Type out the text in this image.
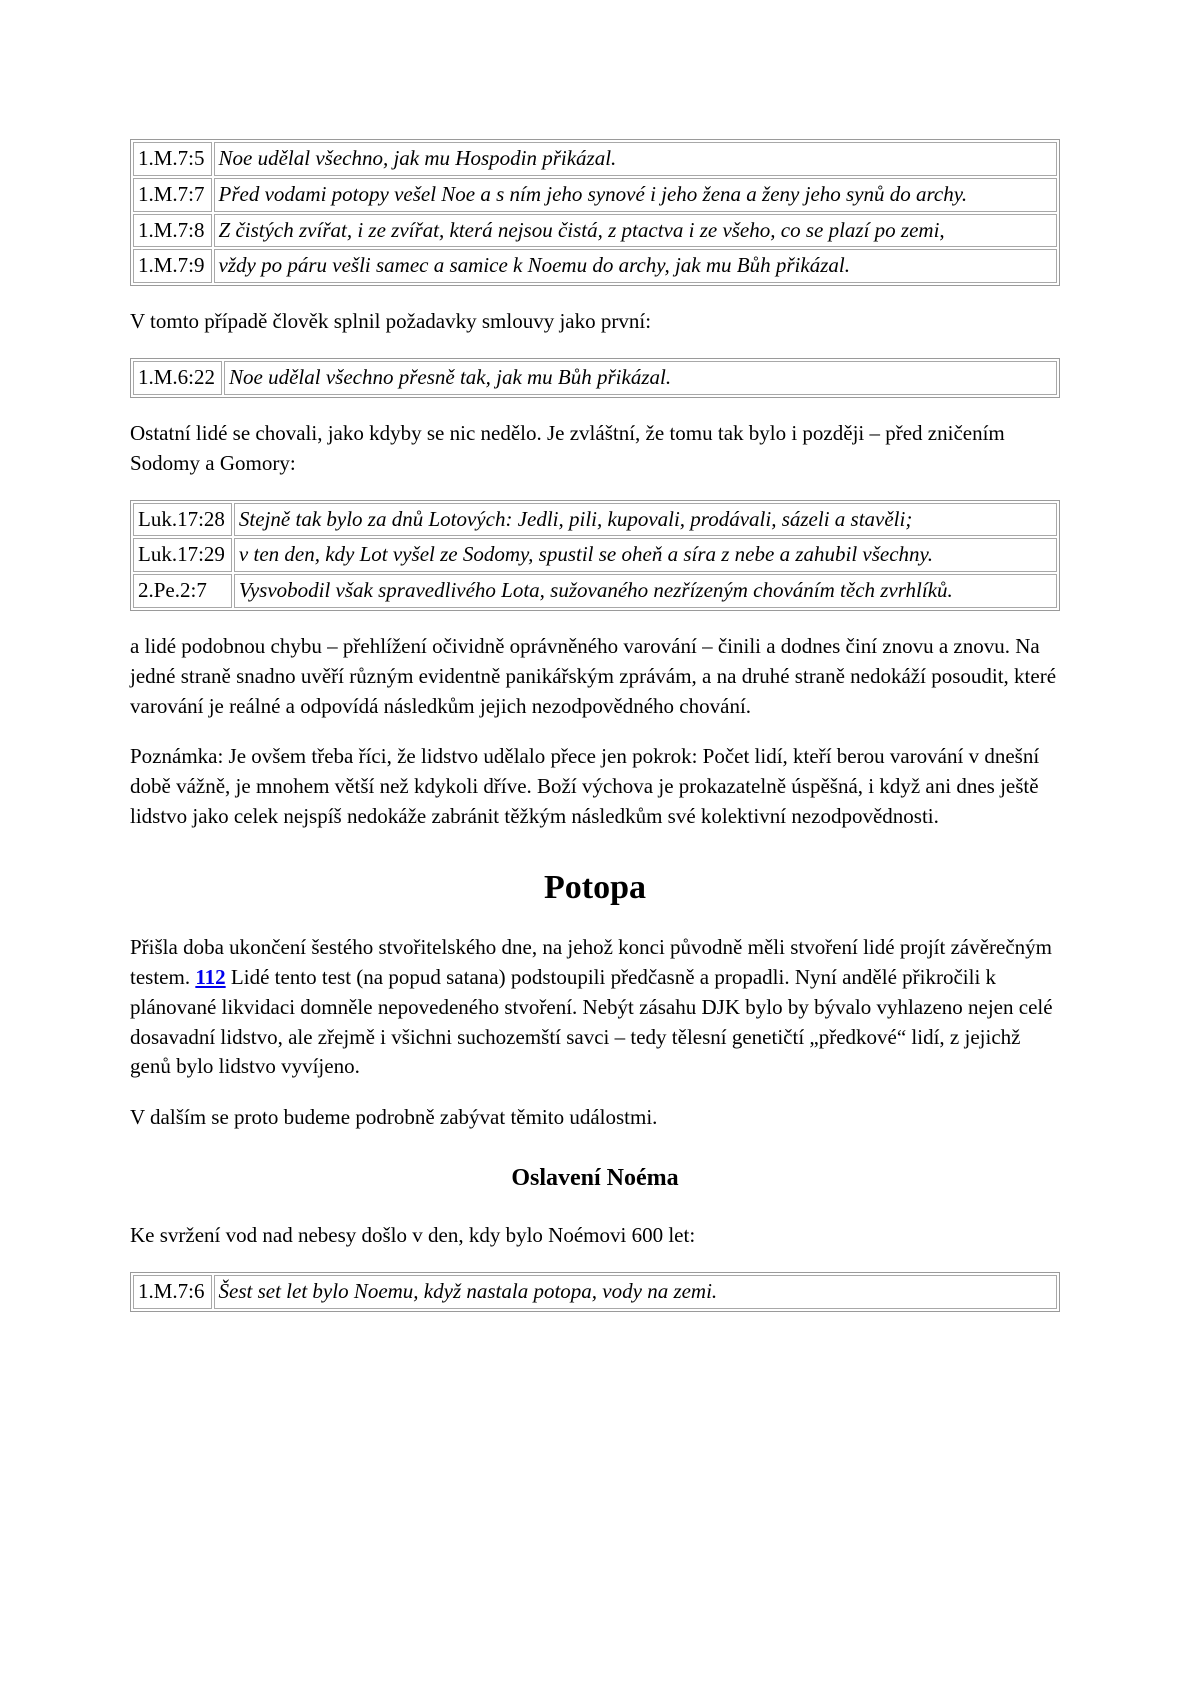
1.M.7:5	Noe udělal všechno, jak mu Hospodin přikázal.
1.M.7:7	Před vodami potopy vešel Noe a s ním jeho synové i jeho žena a ženy jeho synů do archy.
1.M.7:8	Z čistých zvířat, i ze zvířat, která nejsou čistá, z ptactva i ze všeho, co se plazí po zemi,
1.M.7:9	vždy po páru vešli samec a samice k Noemu do archy, jak mu Bůh přikázal.

V tomto případě člověk splnil požadavky smlouvy jako první:

1.M.6:22	Noe udělal všechno přesně tak, jak mu Bůh přikázal.

Ostatní lidé se chovali, jako kdyby se nic nedělo. Je zvláštní, že tomu tak bylo i později – před zničením Sodomy a Gomory:

Luk.17:28	Stejně tak bylo za dnů Lotových: Jedli, pili, kupovali, prodávali, sázeli a stavěli;
Luk.17:29	v ten den, kdy Lot vyšel ze Sodomy, spustil se oheň a síra z nebe a zahubil všechny.
2.Pe.2:7	Vysvobodil však spravedlivého Lota, sužovaného nezřízeným chováním těch zvrhlíků.

a lidé podobnou chybu – přehlížení očividně oprávněného varování – činili a dodnes činí znovu a znovu. Na jedné straně snadno uvěří různým evidentně panikářským zprávám, a na druhé straně nedokáží posoudit, které varování je reálné a odpovídá následkům jejich nezodpovědného chování.

Poznámka: Je ovšem třeba říci, že lidstvo udělalo přece jen pokrok: Počet lidí, kteří berou varování v dnešní době vážně, je mnohem větší než kdykoli dříve. Boží výchova je prokazatelně úspěšná, i když ani dnes ještě lidstvo jako celek nejspíš nedokáže zabránit těžkým následkům své kolektivní nezodpovědnosti.

Potopa

Přišla doba ukončení šestého stvořitelského dne, na jehož konci původně měli stvoření lidé projít závěrečným testem. 112 Lidé tento test (na popud satana) podstoupili předčasně a propadli. Nyní andělé přikročili k plánované likvidaci domněle nepovedeného stvoření. Nebýt zásahu DJK bylo by bývalo vyhlazeno nejen celé dosavadní lidstvo, ale zřejmě i všichni suchozemští savci – tedy tělesní genetičtí „předkové“ lidí, z jejichž genů bylo lidstvo vyvíjeno.

V dalším se proto budeme podrobně zabývat těmito událostmi.

Oslavení Noéma

Ke svržení vod nad nebesy došlo v den, kdy bylo Noémovi 600 let:

1.M.7:6	Šest set let bylo Noemu, když nastala potopa, vody na zemi.
